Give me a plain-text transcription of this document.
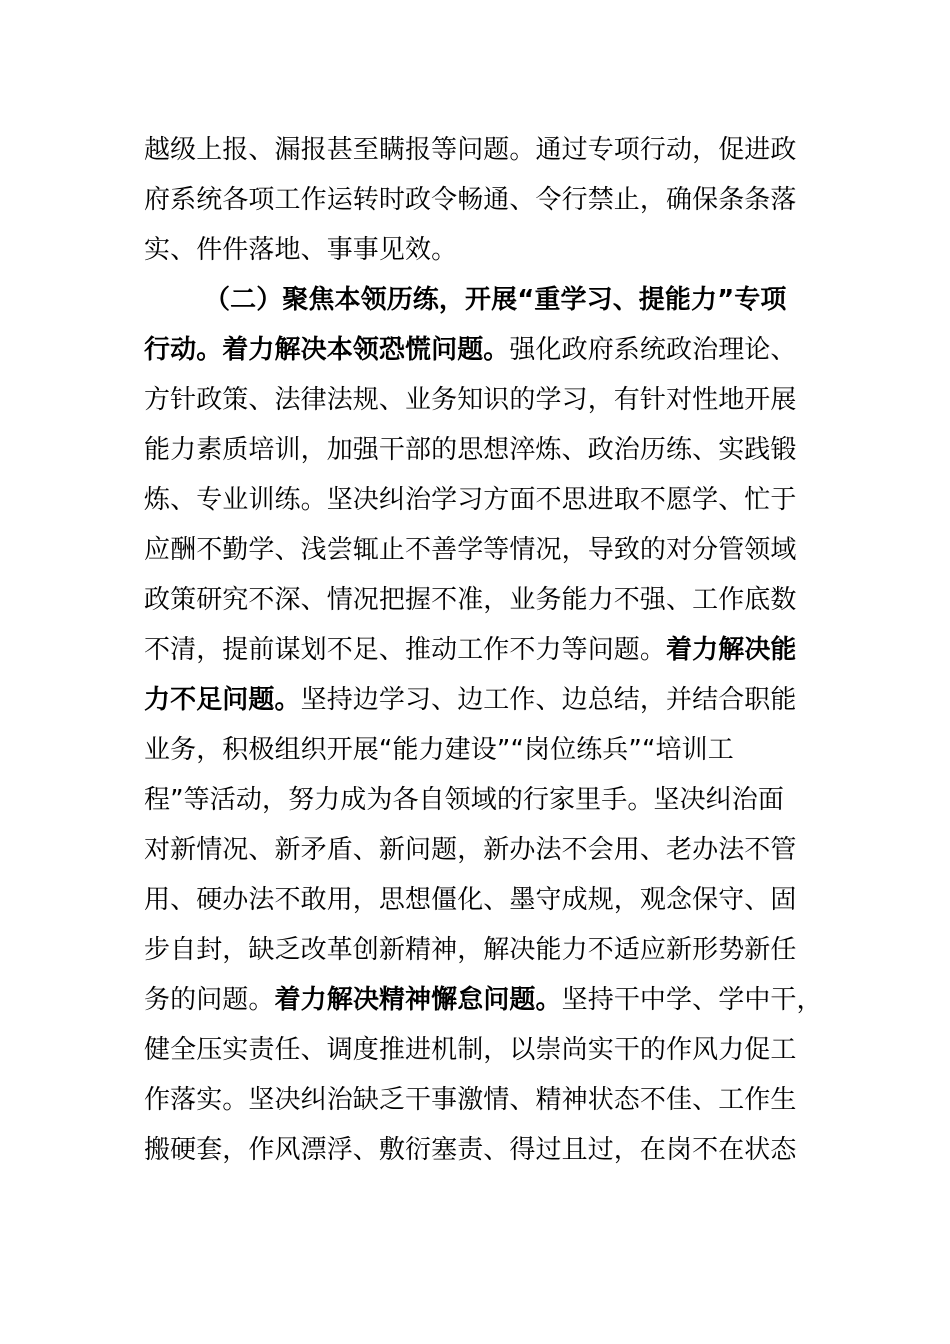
越级上报、漏报甚至瞒报等问题。通过专项行动，促进政
府系统各项工作运转时政令畅通、令行禁止，确保条条落
实、件件落地、事事见效。
（二）聚焦本领历练，开展“重学习、提能力”专项
行动。着力解决本领恐慌问题。强化政府系统政治理论、
方针政策、法律法规、业务知识的学习，有针对性地开展
能力素质培训，加强干部的思想淬炼、政治历练、实践锻
炼、专业训练。坚决纠治学习方面不思进取不愿学、忙于
应酬不勤学、浅尝辄止不善学等情况，导致的对分管领域
政策研究不深、情况把握不准，业务能力不强、工作底数
不清，提前谋划不足、推动工作不力等问题。着力解决能
力不足问题。坚持边学习、边工作、边总结，并结合职能
业务，积极组织开展“能力建设”“岗位练兵”“培训工
程”等活动，努力成为各自领域的行家里手。坚决纠治面
对新情况、新矛盾、新问题，新办法不会用、老办法不管
用、硬办法不敢用，思想僵化、墨守成规，观念保守、固
步自封，缺乏改革创新精神，解决能力不适应新形势新任
务的问题。着力解决精神懈怠问题。坚持干中学、学中干，
健全压实责任、调度推进机制，以崇尚实干的作风力促工
作落实。坚决纠治缺乏干事激情、精神状态不佳、工作生
搬硬套，作风漂浮、敷衍塞责、得过且过，在岗不在状态
